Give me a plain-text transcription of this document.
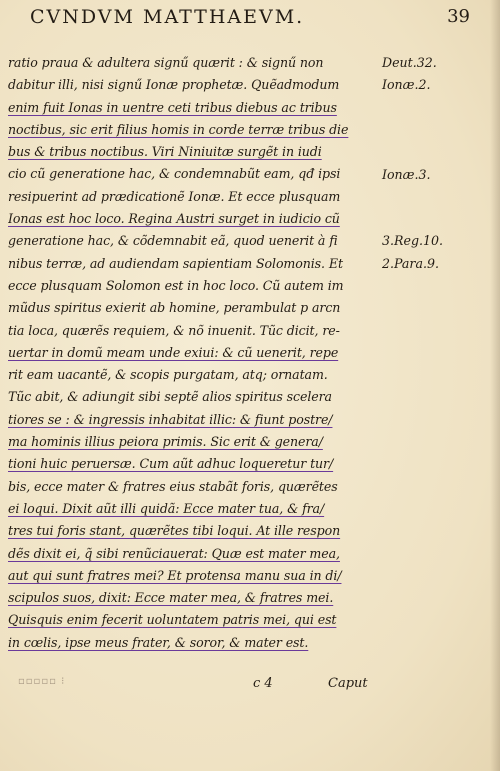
CVNDVM MATTHAEVM.	39
ratio praua & adultera signű quærit : & signű non
dabitur illi, nisi signű Ionæ prophetæ. Quẽadmodum
enim fuit Ionas in uentre ceti tribus diebus ac tribus
noctibus, sic erit filius homis in corde terræ tribus die
bus & tribus noctibus. Viri Niniuitæ surgẽt in iudi
cio cũ generatione hac, & condemnabũt eam, qđ ipsi
resipuerint ad prædicationẽ Ionæ. Et ecce plusquam
Ionas est hoc loco. Regina Austri surget in iudicio cũ
generatione hac, & cõdemnabit eã, quod uenerit à fi
nibus terræ, ad audiendam sapientiam Solomonis. Et
ecce plusquam Solomon est in hoc loco. Cũ autem im
mũdus spiritus exierit ab homine, perambulat p arcn
tia loca, quærẽs requiem, & nõ inuenit. Tũc dicit, re-
uertar in domũ meam unde exiui: & cũ uenerit, repe
rit eam uacantẽ, & scopis purgatam, atq; ornatam.
Tũc abit, & adiungit sibi septẽ alios spiritus scelera
tiores se : & ingressis inhabitat illic: & fiunt postre/
ma hominis illius peiora primis. Sic erit & genera/
tioni huic peruersæ. Cum aũt adhuc loqueretur tur/
bis, ecce mater & fratres eius stabãt foris, quærẽtes
ei loqui. Dixit aũt illi quidã: Ecce mater tua, & fra/
tres tui foris stant, quærẽtes tibi loqui. At ille respon
dẽs dixit ei, q̃ sibi renũciauerat: Quæ est mater mea,
aut qui sunt fratres mei? Et protensa manu sua in di/
scipulos suos, dixit: Ecce mater mea, & fratres mei.
Quisquis enim fecerit uoluntatem patris mei, qui est
in cœlis, ipse meus frater, & soror, & mater est.
Deut.32.
Ionæ.2.
Ionæ.3.
3.Reg.10.
2.Para.9.
▫▫▫▫▫ ⁝	c 4	Caput
